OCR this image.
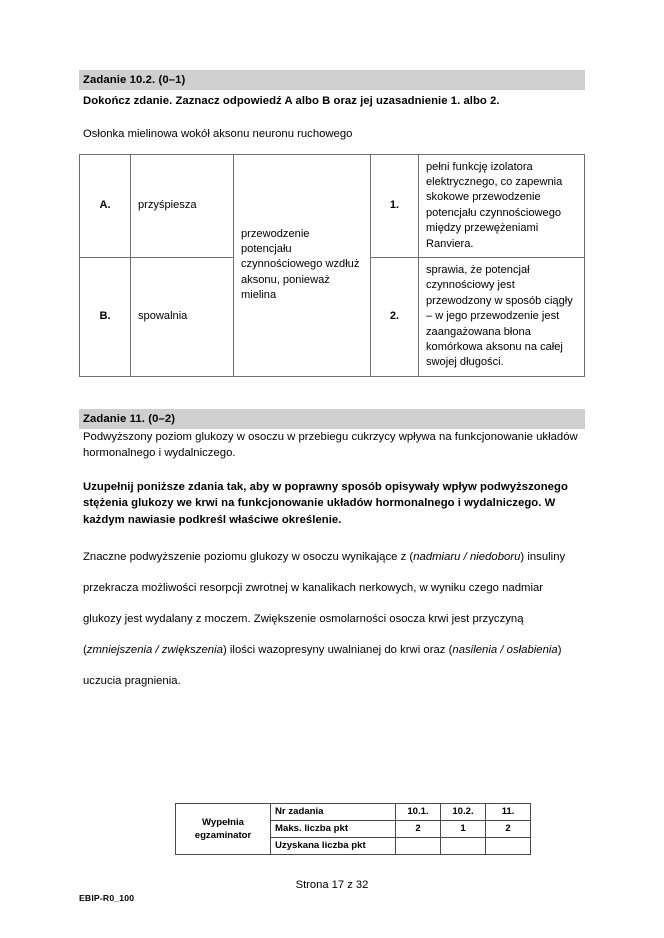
Zadanie 10.2. (0–1)
Dokończ zdanie. Zaznacz odpowiedź A albo B oraz jej uzasadnienie 1. albo 2.
Osłonka mielinowa wokół aksonu neuronu ruchowego
A.	przyśpiesza	przewodzenie potencjału czynnościowego wzdłuż aksonu, ponieważ mielina	1.	pełni funkcję izolatora elektrycznego, co zapewnia skokowe przewodzenie potencjału czynnościowego między przewężeniami Ranviera.
B.	spowalnia		2.	sprawia, że potencjał czynnościowy jest przewodzony w sposób ciągły – w jego przewodzenie jest zaangażowana błona komórkowa aksonu na całej swojej długości.
Zadanie 11. (0–2)
Podwyższony poziom glukozy w osoczu w przebiegu cukrzycy wpływa na funkcjonowanie układów hormonalnego i wydalniczego.
Uzupełnij poniższe zdania tak, aby w poprawny sposób opisywały wpływ podwyższonego stężenia glukozy we krwi na funkcjonowanie układów hormonalnego i wydalniczego. W każdym nawiasie podkreśl właściwe określenie.
Znaczne podwyższenie poziomu glukozy w osoczu wynikające z (nadmiaru / niedoboru) insuliny przekracza możliwości resorpcji zwrotnej w kanalikach nerkowych, w wyniku czego nadmiar glukozy jest wydalany z moczem. Zwiększenie osmolarności osocza krwi jest przyczyną (zmniejszenia / zwiększenia) ilości wazopresyny uwalnianej do krwi oraz (nasilenia / osłabienia) uczucia pragnienia.
Wypełnia
egzaminator	Nr zadania	10.1.	10.2.	11.
	Maks. liczba pkt	2	1	2
	Uzyskana liczba pkt			
Strona 17 z 32
EBIP-R0_100
